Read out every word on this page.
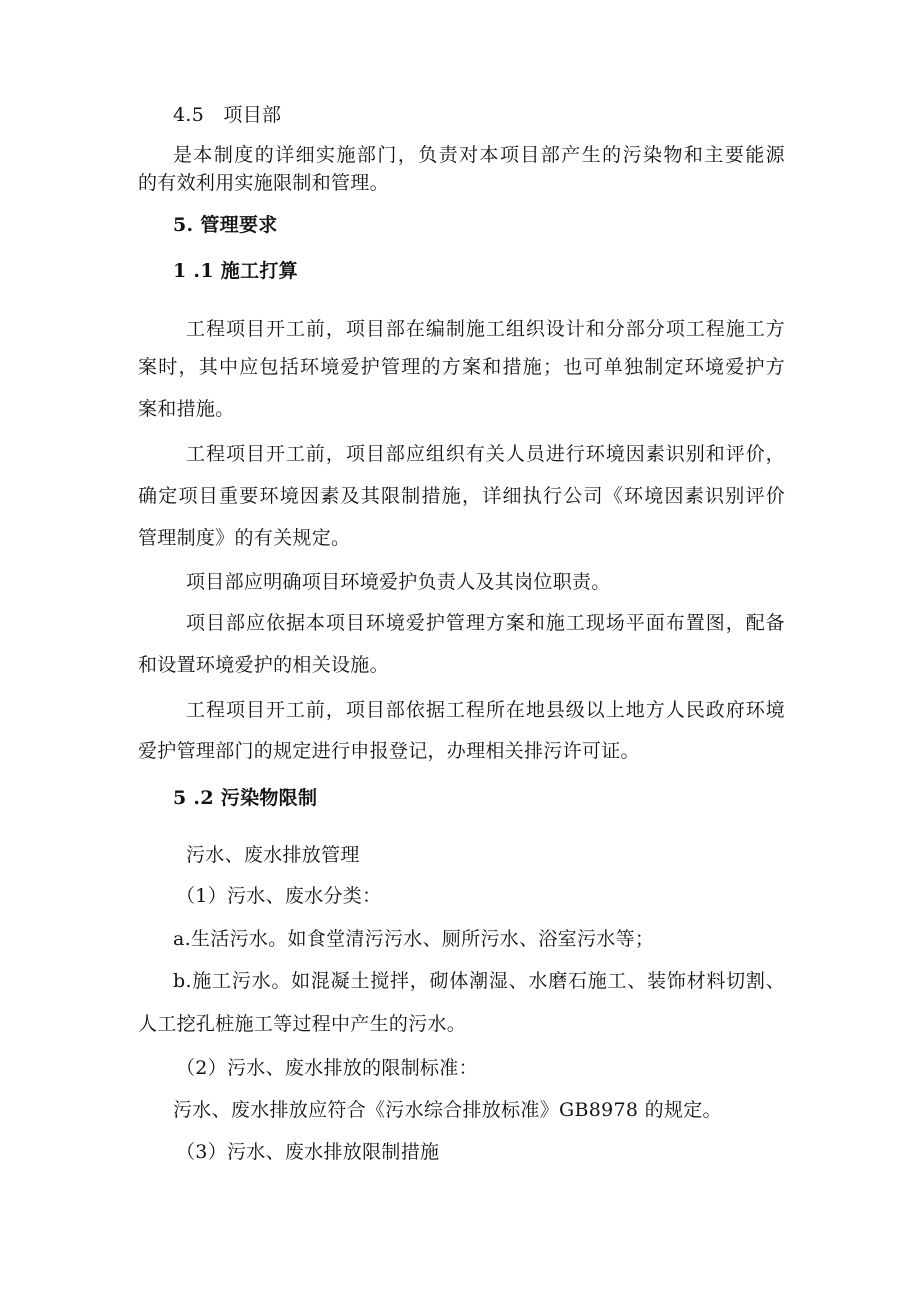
4.5　项目部
是本制度的详细实施部门，负责对本项目部产生的污染物和主要能源
的有效利用实施限制和管理。
5. 管理要求
1 .1 施工打算
工程项目开工前，项目部在编制施工组织设计和分部分项工程施工方
案时，其中应包括环境爱护管理的方案和措施；也可单独制定环境爱护方
案和措施。
工程项目开工前，项目部应组织有关人员进行环境因素识别和评价，
确定项目重要环境因素及其限制措施，详细执行公司《环境因素识别评价
管理制度》的有关规定。
项目部应明确项目环境爱护负责人及其岗位职责。
项目部应依据本项目环境爱护管理方案和施工现场平面布置图，配备
和设置环境爱护的相关设施。
工程项目开工前，项目部依据工程所在地县级以上地方人民政府环境
爱护管理部门的规定进行申报登记，办理相关排污许可证。
5 .2 污染物限制
污水、废水排放管理
（1）污水、废水分类：
a.生活污水。如食堂清污污水、厕所污水、浴室污水等；
b.施工污水。如混凝土搅拌，砌体潮湿、水磨石施工、装饰材料切割、
人工挖孔桩施工等过程中产生的污水。
（2）污水、废水排放的限制标准：
污水、废水排放应符合《污水综合排放标准》GB8978 的规定。
（3）污水、废水排放限制措施
